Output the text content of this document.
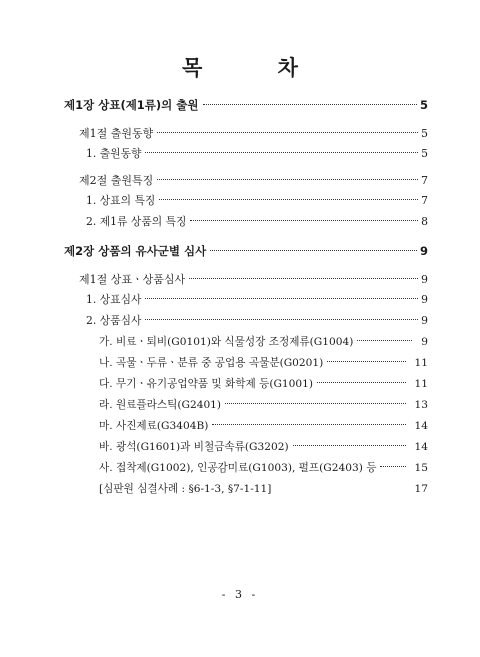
목 차
제1장 상표(제1류)의 출원	5
제1절 출원동향	5
1. 출원동향	5
제2절 출원특징	7
1. 상표의 특징	7
2. 제1류 상품의 특징	8
제2장 상품의 유사군별 심사	9
제1절 상표ㆍ상품심사	9
1. 상표심사	9
2. 상품심사	9
가. 비료ㆍ퇴비(G0101)와 식물성장 조정제류(G1004)	9
나. 곡물ㆍ두류ㆍ분류 중 공업용 곡물분(G0201)	11
다. 무기ㆍ유기공업약품 및 화학제 등(G1001)	11
라. 원료플라스틱(G2401)	13
마. 사진제료(G3404B)	14
바. 광석(G1601)과 비철금속류(G3202)	14
사. 접착제(G1002), 인공감미료(G1003), 펄프(G2403) 등	15
[심판원 심결사례 : §6-1-3, §7-1-11]	17
- 3 -
